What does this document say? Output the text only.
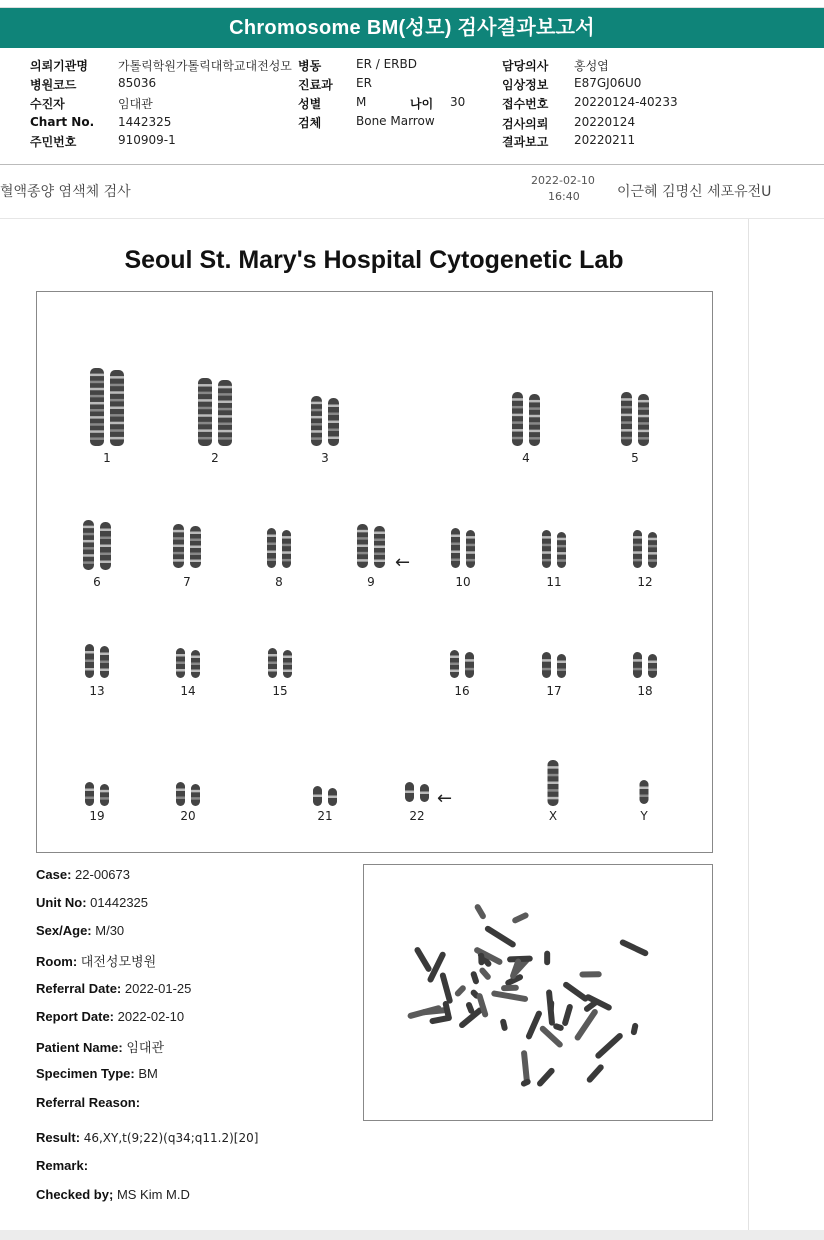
Chromosome BM(성모) 검사결과보고서
의뢰기관명	가톨릭학원가톨릭대학교대전성모 병동	ER / ERBD	담당의사 홍성엽
병원코드	85036	진료과 ER	임상정보 E87GJ06U0
수진자	임대관	성별	M	나이 30	접수번호 20220124-40233
Chart No. 1442325	검체	Bone Marrow	검사의뢰 20220124
주민번호	910909-1	결과보고 20220211
혈액종양 염색체 검사
2022-02-10
16:40	이근혜 김명신 세포유전U
Seoul St. Mary's Hospital Cytogenetic Lab
1	2	3	4	5
6	7	8	9	10	11	12
13	14	15	16	17	18
19	20	21	22	X	Y
←
←
Case: 22-00673
Unit No: 01442325
Sex/Age: M/30
Room: 대전성모병원
Referral Date: 2022-01-25
Report Date: 2022-02-10
Patient Name: 임대관
Specimen Type: BM
Referral Reason:
Result: 46,XY,t(9;22)(q34;q11.2)[20]
Remark:
Checked by; MS Kim M.D
